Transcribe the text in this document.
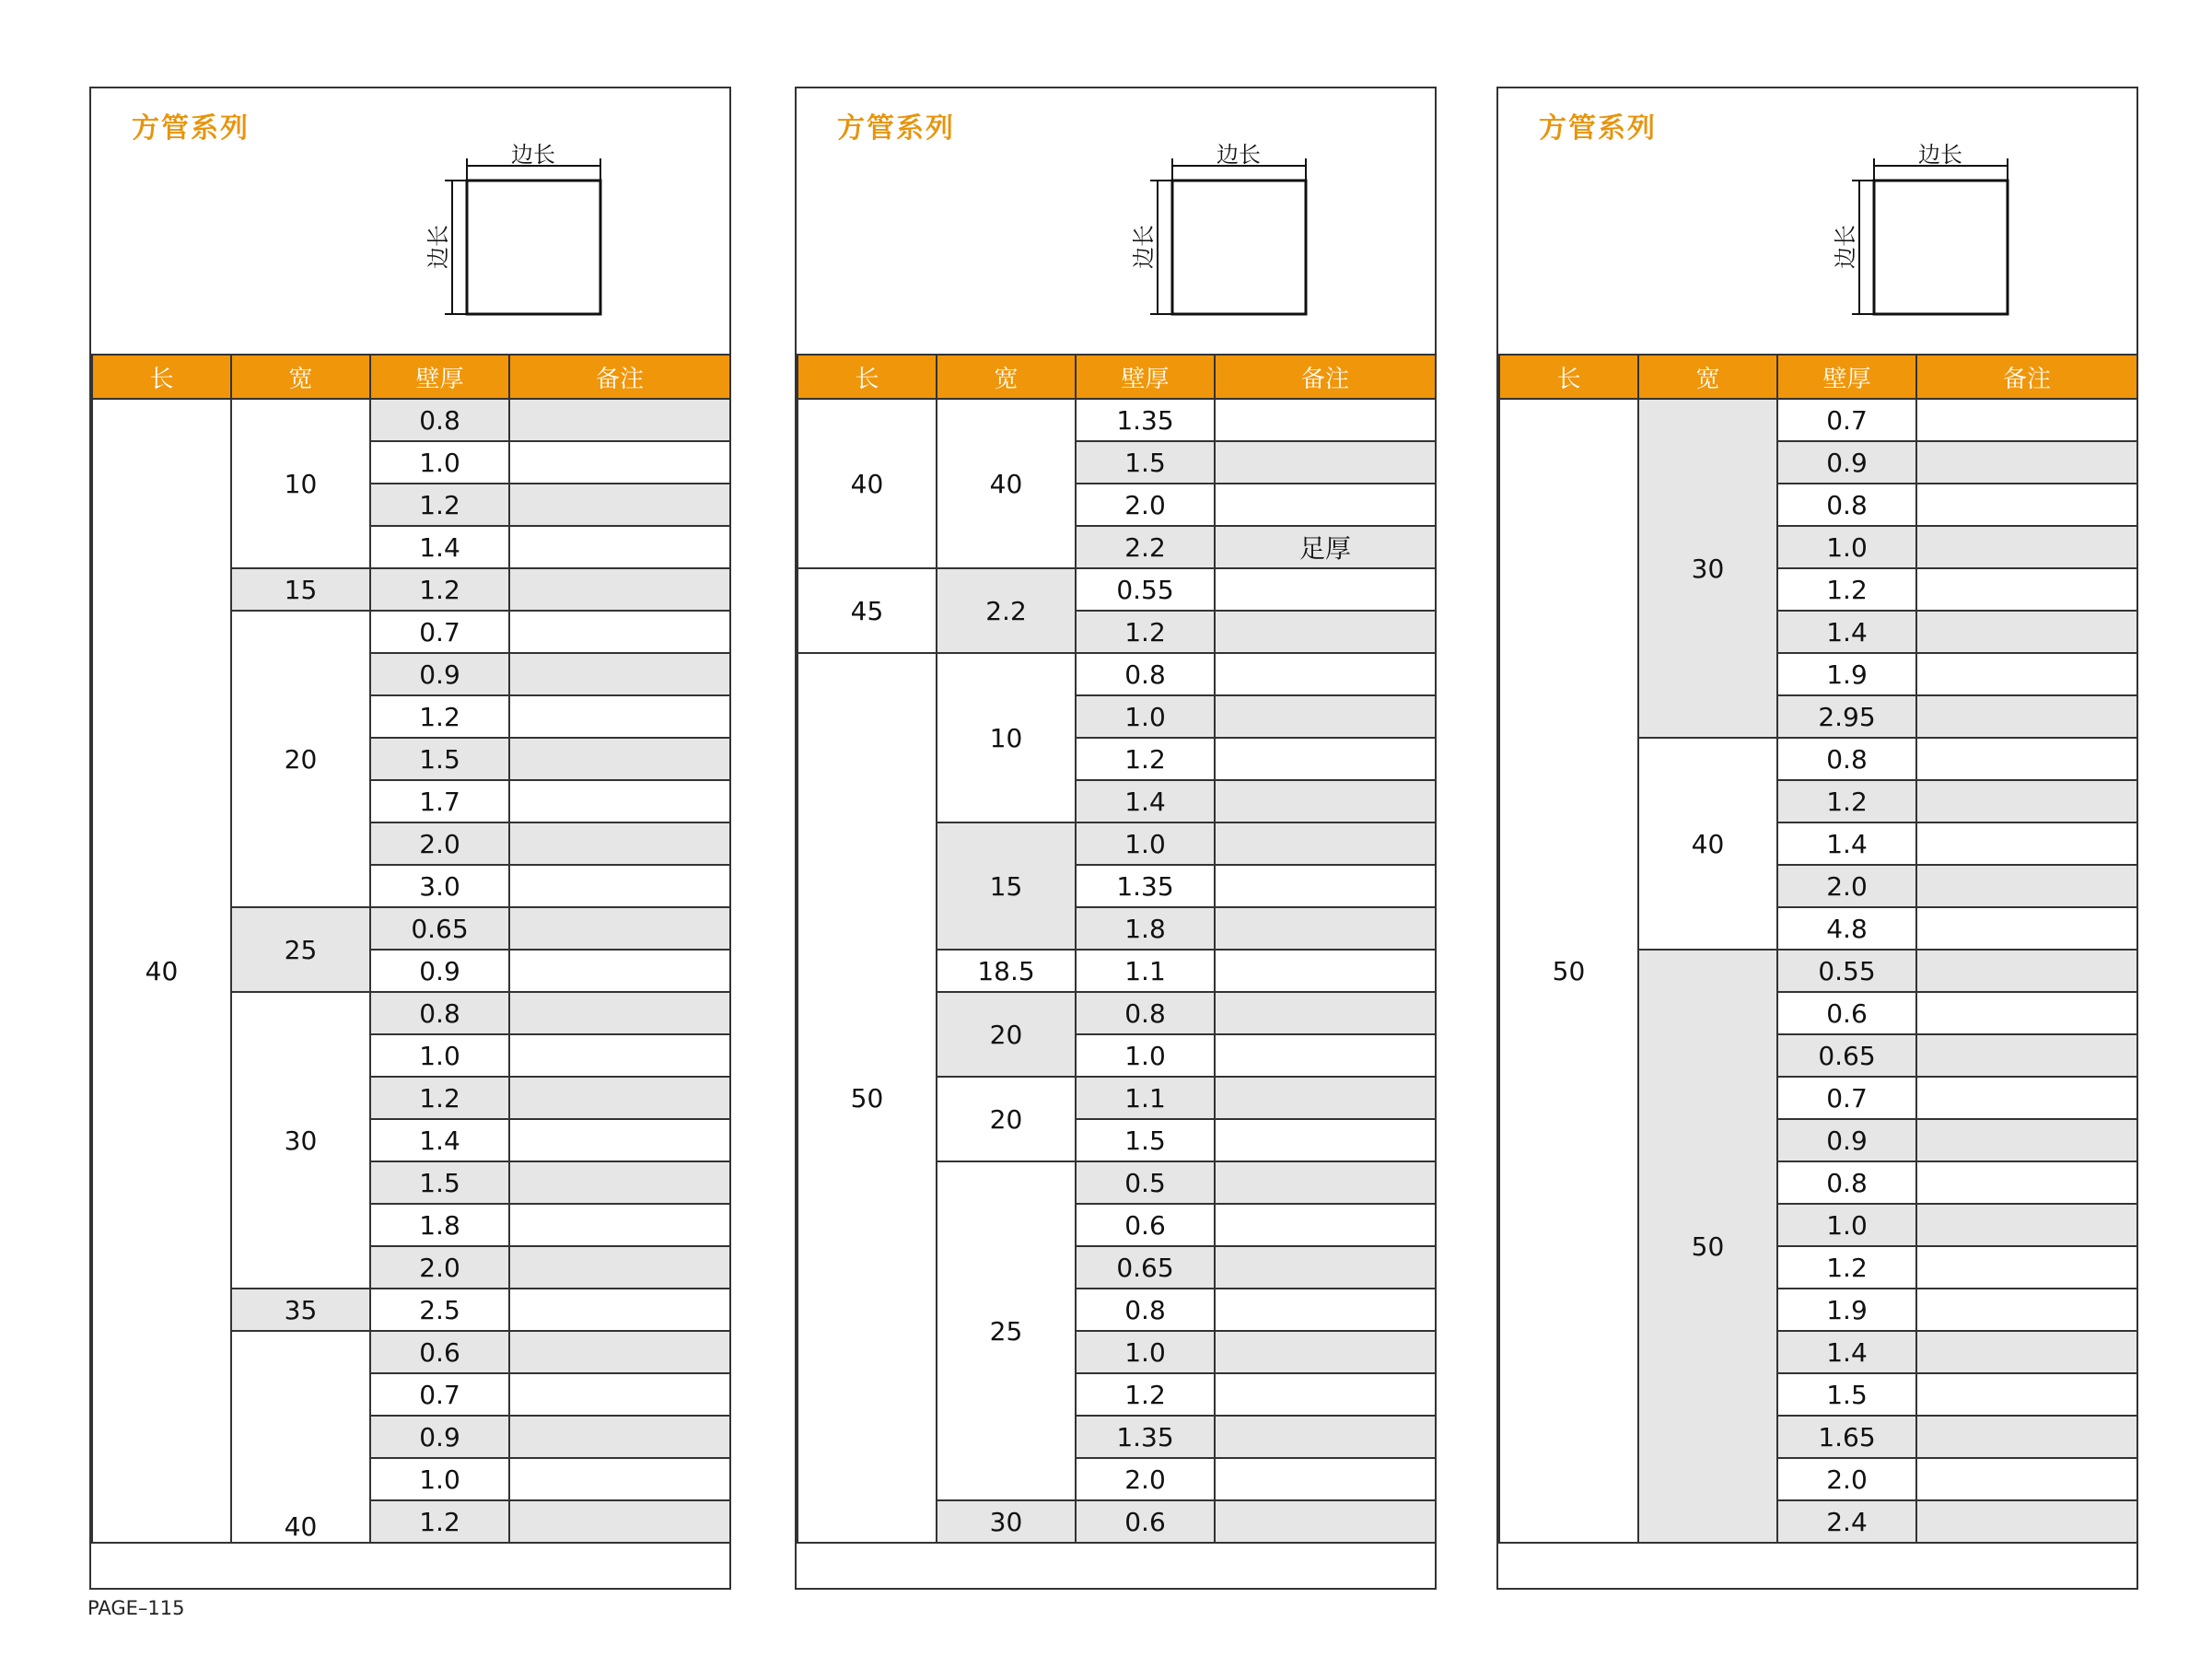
方管系列
边长
边长
长	宽	壁厚	备注
40	10	0.8	
		1.0	
		1.2	
		1.4	
	15	1.2	
	20	0.7	
		0.9	
		1.2	
		1.5	
		1.7	
		2.0	
		3.0	
	25	0.65	
		0.9	
	30	0.8	
		1.0	
		1.2	
		1.4	
		1.5	
		1.8	
		2.0	
	35	2.5	
	40	0.6	
		0.7	
		0.9	
		1.0	
		1.2	
方管系列
边长
边长
长	宽	壁厚	备注
40	40	1.35	
		1.5	
		2.0	
		2.2	足厚
45	2.2	0.55	
		1.2	
50	10	0.8	
		1.0	
		1.2	
		1.4	
	15	1.0	
		1.35	
		1.8	
	18.5	1.1	
	20	0.8	
		1.0	
	20	1.1	
		1.5	
	25	0.5	
		0.6	
		0.65	
		0.8	
		1.0	
		1.2	
		1.35	
		2.0	
	30	0.6	
方管系列
边长
边长
长	宽	壁厚	备注
50	30	0.7	
		0.9	
		0.8	
		1.0	
		1.2	
		1.4	
		1.9	
		2.95	
	40	0.8	
		1.2	
		1.4	
		2.0	
		4.8	
	50	0.55	
		0.6	
		0.65	
		0.7	
		0.9	
		0.8	
		1.0	
		1.2	
		1.9	
		1.4	
		1.5	
		1.65	
		2.0	
		2.4	
PAGE–115
